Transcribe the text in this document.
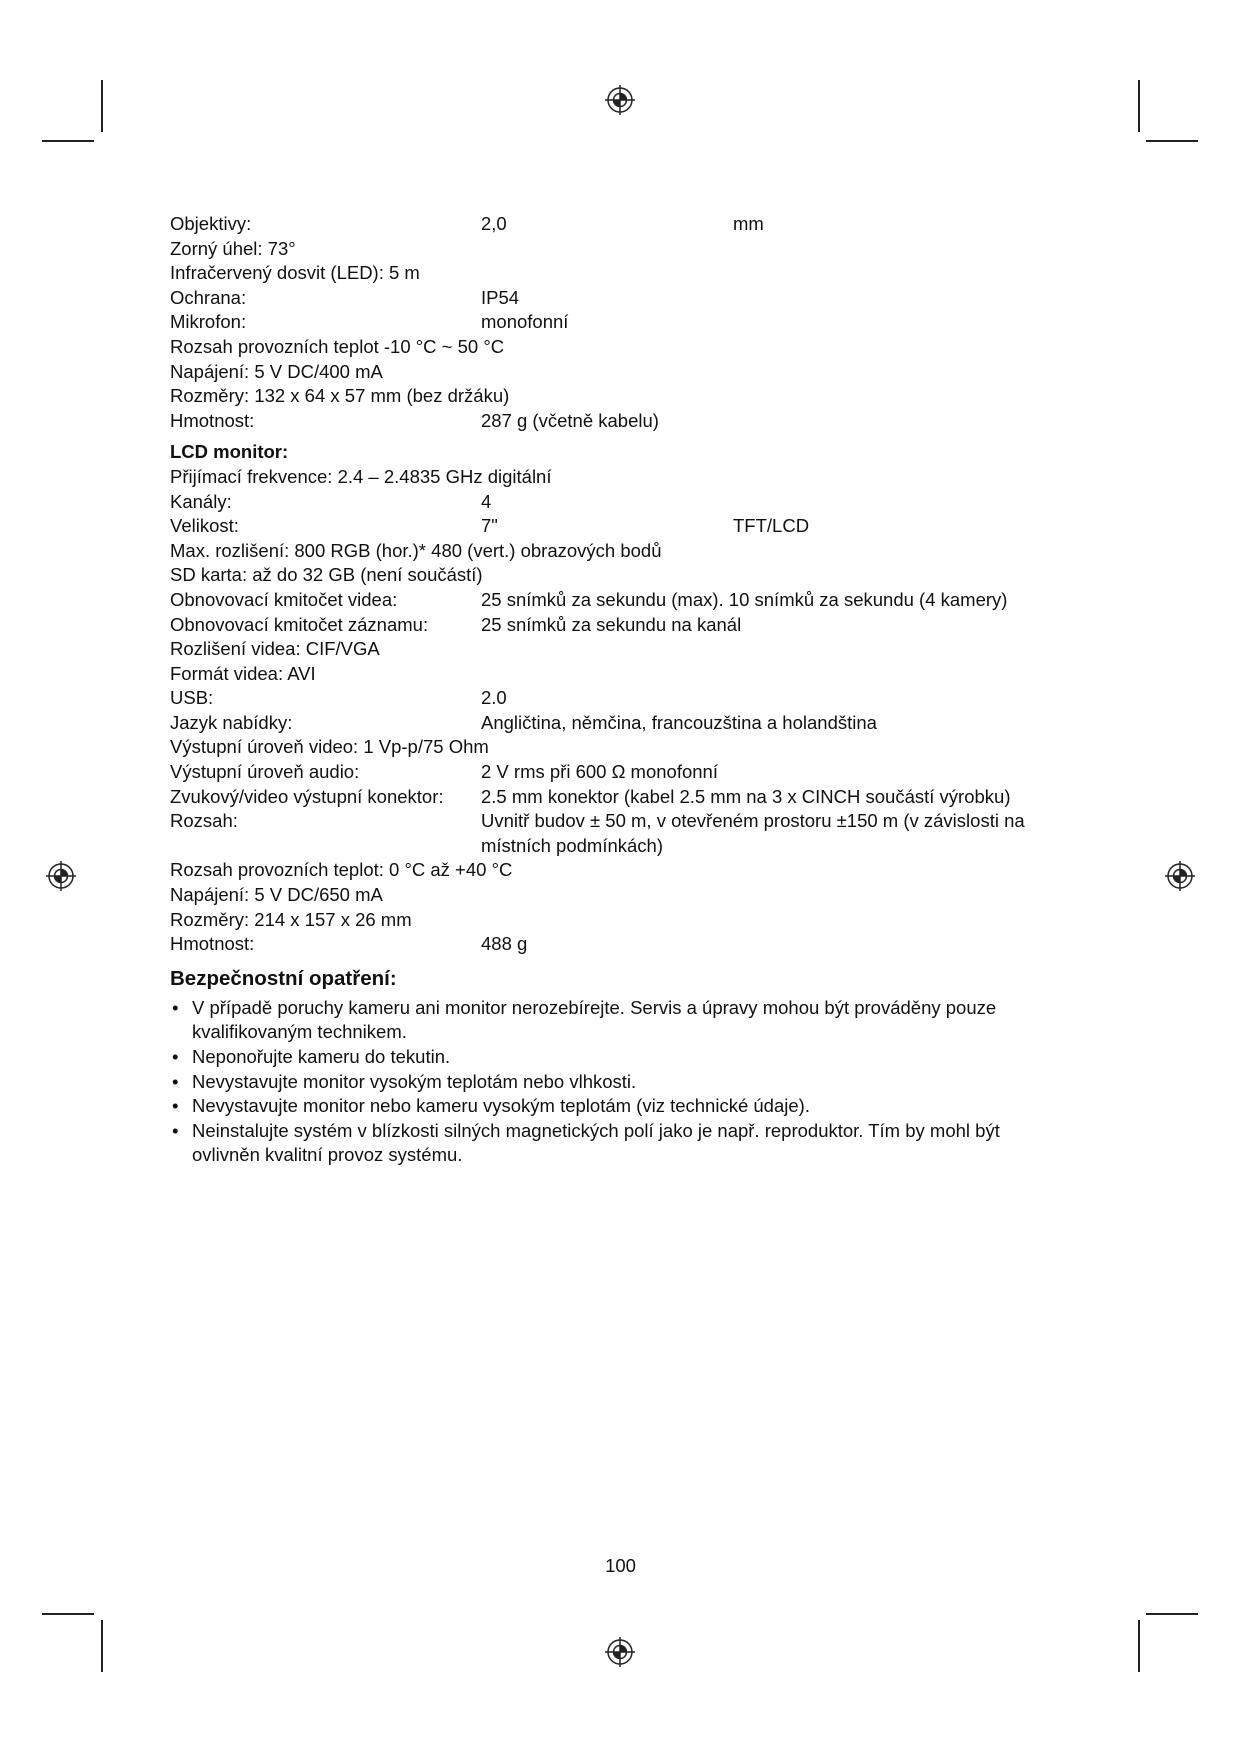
Objektivy:	2,0	mm
Zorný úhel: 73°
Infračervený dosvit (LED): 5 m
Ochrana:	IP54
Mikrofon:	monofonní
Rozsah provozních teplot -10 °C ~ 50 °C
Napájení: 5 V DC/400 mA
Rozměry: 132 x 64 x 57 mm (bez držáku)
Hmotnost:	287 g (včetně kabelu)
LCD monitor:
Přijímací frekvence: 2.4 – 2.4835 GHz digitální
Kanály:	4
Velikost:	7"	TFT/LCD
Max. rozlišení: 800 RGB (hor.)* 480 (vert.) obrazových bodů
SD karta: až do 32 GB (není součástí)
Obnovovací kmitočet videa:	25 snímků za sekundu (max). 10 snímků za sekundu (4 kamery)
Obnovovací kmitočet záznamu:	25 snímků za sekundu na kanál
Rozlišení videa: CIF/VGA
Formát videa: AVI
USB:	2.0
Jazyk nabídky:	Angličtina, němčina, francouzština a holandština
Výstupní úroveň video: 1 Vp-p/75 Ohm
Výstupní úroveň audio:	2 V rms při 600 Ω monofonní
Zvukový/video výstupní konektor: 2.5 mm konektor (kabel 2.5 mm na 3 x CINCH součástí výrobku)
Rozsah:	Uvnitř budov ± 50 m, v otevřeném prostoru ±150 m (v závislosti na místních podmínkách)
Rozsah provozních teplot: 0 °C až +40 °C
Napájení: 5 V DC/650 mA
Rozměry: 214 x 157 x 26 mm
Hmotnost:	488 g
Bezpečnostní opatření:
• V případě poruchy kameru ani monitor nerozebírejte. Servis a úpravy mohou být prováděny pouze kvalifikovaným technikem.
• Neponořujte kameru do tekutin.
• Nevystavujte monitor vysokým teplotám nebo vlhkosti.
• Nevystavujte monitor nebo kameru vysokým teplotám (viz technické údaje).
• Neinstalujte systém v blízkosti silných magnetických polí jako je např. reproduktor. Tím by mohl být ovlivněn kvalitní provoz systému.
100
